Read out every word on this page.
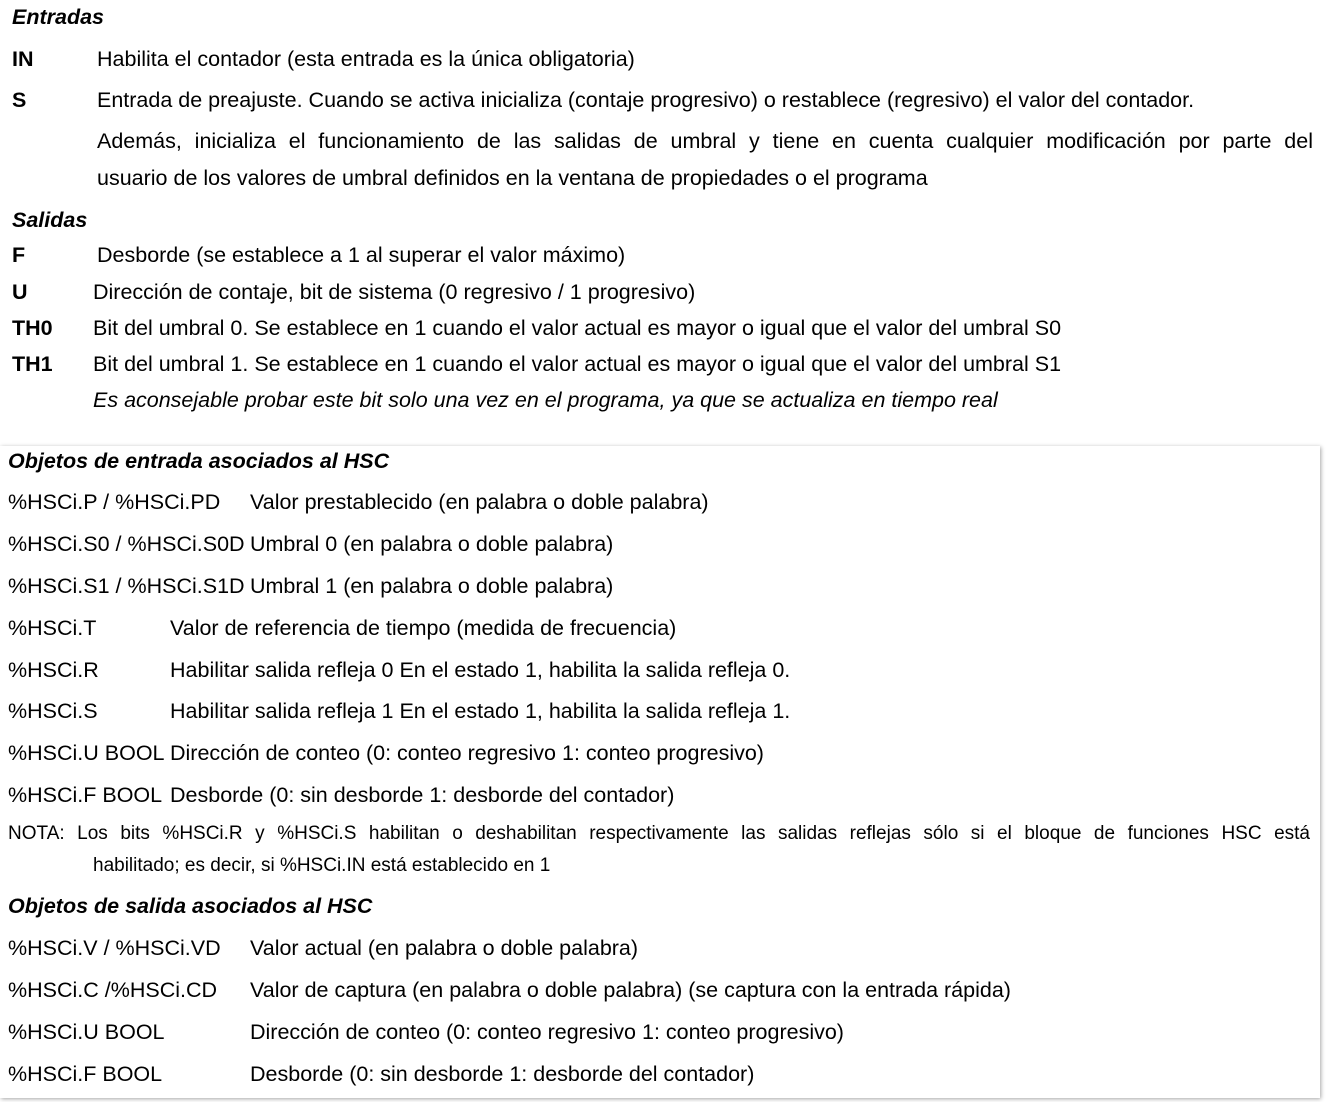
Entradas
IN	Habilita el contador (esta entrada es la única obligatoria)
S	Entrada de preajuste. Cuando se activa inicializa (contaje progresivo) o restablece (regresivo) el valor del contador.
Además, inicializa el funcionamiento de las salidas de umbral y tiene en cuenta cualquier modificación por parte del
usuario de los valores de umbral definidos en la ventana de propiedades o el programa
Salidas
F	Desborde (se establece a 1 al superar el valor máximo)
U	Dirección de contaje, bit de sistema (0 regresivo / 1 progresivo)
TH0 Bit del umbral 0. Se establece en 1 cuando el valor actual es mayor o igual que el valor del umbral S0
TH1 Bit del umbral 1. Se establece en 1 cuando el valor actual es mayor o igual que el valor del umbral S1
Es aconsejable probar este bit solo una vez en el programa, ya que se actualiza en tiempo real
Objetos de entrada asociados al HSC
%HSCi.P / %HSCi.PD Valor prestablecido (en palabra o doble palabra)
%HSCi.S0 / %HSCi.S0D Umbral 0 (en palabra o doble palabra)
%HSCi.S1 / %HSCi.S1D Umbral 1 (en palabra o doble palabra)
%HSCi.T	Valor de referencia de tiempo (medida de frecuencia)
%HSCi.R	Habilitar salida refleja 0 En el estado 1, habilita la salida refleja 0.
%HSCi.S	Habilitar salida refleja 1 En el estado 1, habilita la salida refleja 1.
%HSCi.U BOOL Dirección de conteo (0: conteo regresivo 1: conteo progresivo)
%HSCi.F BOOL Desborde (0: sin desborde 1: desborde del contador)
NOTA: Los bits %HSCi.R y %HSCi.S habilitan o deshabilitan respectivamente las salidas reflejas sólo si el bloque de funciones HSC está
habilitado; es decir, si %HSCi.IN está establecido en 1
Objetos de salida asociados al HSC
%HSCi.V / %HSCi.VD Valor actual (en palabra o doble palabra)
%HSCi.C /%HSCi.CD Valor de captura (en palabra o doble palabra) (se captura con la entrada rápida)
%HSCi.U BOOL	Dirección de conteo (0: conteo regresivo 1: conteo progresivo)
%HSCi.F BOOL	Desborde (0: sin desborde 1: desborde del contador)
